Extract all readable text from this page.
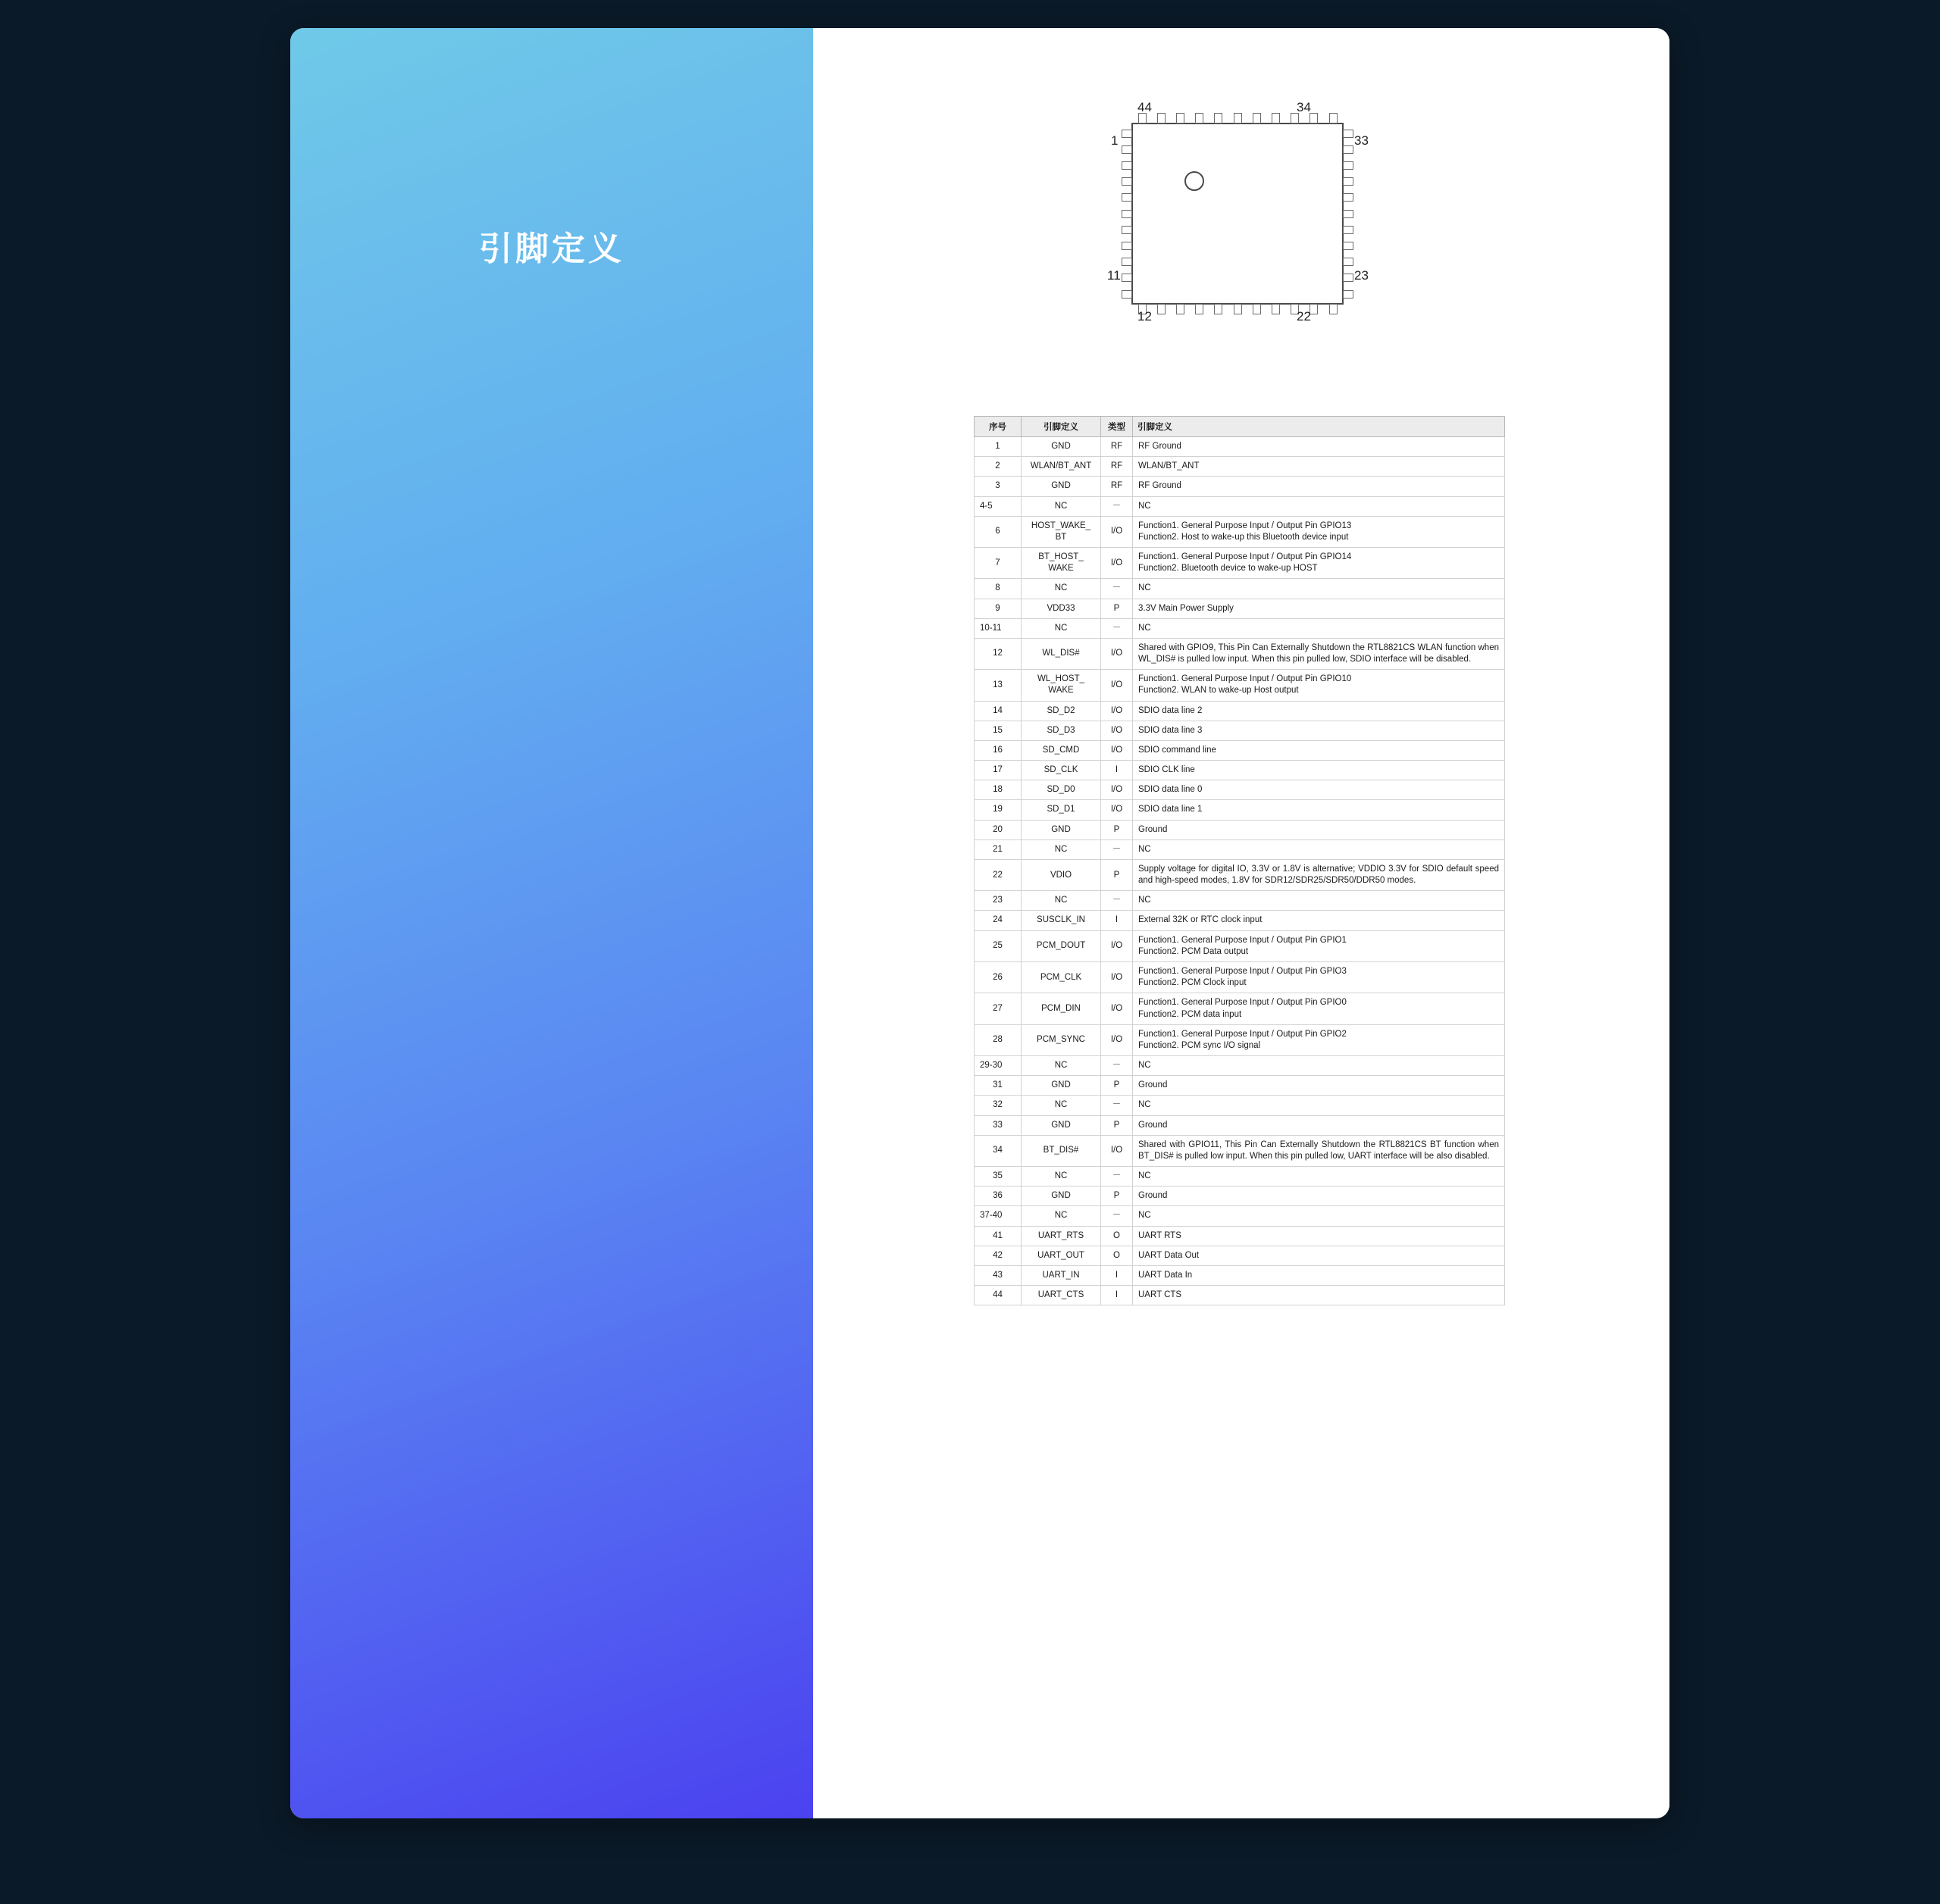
引脚定义
44	34
1	33
11	23
12	22
序号	引脚定义	类型	引脚定义
1	GND	RF	RF Ground
2	WLAN/BT_ANT	RF	WLAN/BT_ANT
3	GND	RF	RF Ground
4-5	NC	－	NC
6	HOST_WAKE_
BT	I/O	Function1. General Purpose Input / Output Pin GPIO13
Function2. Host to wake-up this Bluetooth device input
7	BT_HOST_
WAKE	I/O	Function1. General Purpose Input / Output Pin GPIO14
Function2. Bluetooth device to wake-up HOST
8	NC	－	NC
9	VDD33	P	3.3V Main Power Supply
10-11	NC	－	NC
12	WL_DIS#	I/O	Shared with GPIO9, This Pin Can Externally Shutdown the RTL8821CS WLAN function when WL_DIS# is pulled low input. When this pin pulled low, SDIO interface will be disabled.
13	WL_HOST_
WAKE	I/O	Function1. General Purpose Input / Output Pin GPIO10
Function2. WLAN to wake-up Host output
14	SD_D2	I/O	SDIO data line 2
15	SD_D3	I/O	SDIO data line 3
16	SD_CMD	I/O	SDIO command line
17	SD_CLK	I	SDIO CLK line
18	SD_D0	I/O	SDIO data line 0
19	SD_D1	I/O	SDIO data line 1
20	GND	P	Ground
21	NC	－	NC
22	VDIO	P	Supply voltage for digital IO, 3.3V or 1.8V is alternative; VDDIO 3.3V for SDIO default speed and high-speed modes, 1.8V for SDR12/SDR25/SDR50/DDR50 modes.
23	NC	－	NC
24	SUSCLK_IN	I	External 32K or RTC clock input
25	PCM_DOUT	I/O	Function1. General Purpose Input / Output Pin GPIO1
Function2. PCM Data output
26	PCM_CLK	I/O	Function1. General Purpose Input / Output Pin GPIO3
Function2. PCM Clock input
27	PCM_DIN	I/O	Function1. General Purpose Input / Output Pin GPIO0
Function2. PCM data input
28	PCM_SYNC	I/O	Function1. General Purpose Input / Output Pin GPIO2
Function2. PCM sync I/O signal
29-30	NC	－	NC
31	GND	P	Ground
32	NC	－	NC
33	GND	P	Ground
34	BT_DIS#	I/O	Shared with GPIO11, This Pin Can Externally Shutdown the RTL8821CS BT function when BT_DIS# is pulled low input. When this pin pulled low, UART interface will be also disabled.
35	NC	－	NC
36	GND	P	Ground
37-40	NC	－	NC
41	UART_RTS	O	UART RTS
42	UART_OUT	O	UART Data Out
43	UART_IN	I	UART Data In
44	UART_CTS	I	UART CTS
